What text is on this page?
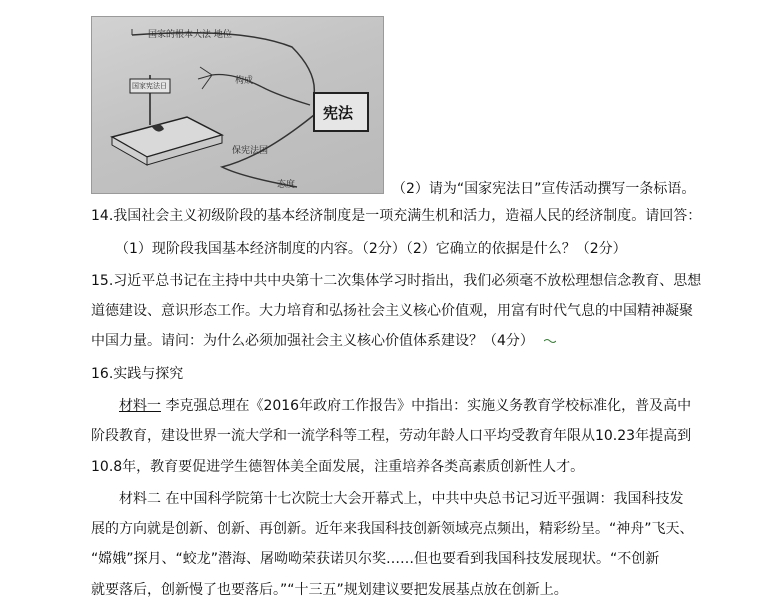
国家的根本大法 地位
构成
保宪法国
态度
国家宪法日
宪法
（2）请为“国家宪法日”宣传活动撰写一条标语。
14.我国社会主义初级阶段的基本经济制度是一项充满生机和活力，造福人民的经济制度。请回答：
（1）现阶段我国基本经济制度的内容。（2分）（2）它确立的依据是什么？（2分）
15.习近平总书记在主持中共中央第十二次集体学习时指出，我们必须毫不放松理想信念教育、思想
道德建设、意识形态工作。大力培育和弘扬社会主义核心价值观，用富有时代气息的中国精神凝聚
中国力量。请问：为什么必须加强社会主义核心价值体系建设？（4分）
16.实践与探究
材料一 李克强总理在《2016年政府工作报告》中指出：实施义务教育学校标准化，普及高中
阶段教育，建设世界一流大学和一流学科等工程，劳动年龄人口平均受教育年限从10.23年提高到
10.8年，教育要促进学生德智体美全面发展，注重培养各类高素质创新性人才。
材料二 在中国科学院第十七次院士大会开幕式上，中共中央总书记习近平强调：我国科技发
展的方向就是创新、创新、再创新。近年来我国科技创新领域亮点频出，精彩纷呈。“神舟”飞天、
“嫦娥”探月、“蛟龙”潜海、屠呦呦荣获诺贝尔奖……但也要看到我国科技发展现状。“不创新
就要落后，创新慢了也要落后。”“十三五”规划建议要把发展基点放在创新上。
